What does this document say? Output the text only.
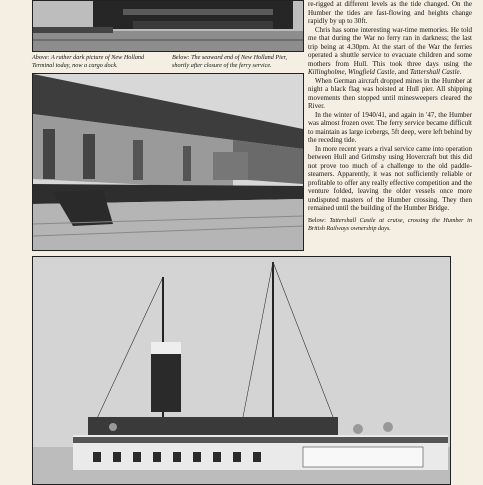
Above: A rather dark picture of New Holland Terminal today, now a cargo dock.

Below: The seaward end of New Holland Pier, shortly after closure of the ferry service.

re-rigged at different levels as the tide changed. On the Humber the tides are fast-flowing and heights change rapidly by up to 30ft.

Chris has some interesting war-time memories. He told me that during the War no ferry ran in darkness; the last trip being at 4.30pm. At the start of the War the ferries operated a shuttle service to evacuate children and some mothers from Hull. This took three days using the Killingholme, Wingfield Castle, and Tattershall Castle.

When German aircraft dropped mines in the Humber at night a black flag was hoisted at Hull pier. All shipping movements then stopped until minesweepers cleared the River.

In the winter of 1940/41, and again in '47, the Humber was almost frozen over. The ferry service became difficult to maintain as large icebergs, 5ft deep, were left behind by the receding tide.

In more recent years a rival service came into operation between Hull and Grimsby using Hovercraft but this did not prove too much of a challenge to the old paddle-steamers. Apparently, it was not sufficiently reliable or profitable to offer any really effective competition and the venture folded, leaving the older vessels once more undisputed masters of the Humber crossing. They then remained until the building of the Humber Bridge.

Below: Tattershall Castle at cruise, crossing the Humber in British Railways ownership days.
